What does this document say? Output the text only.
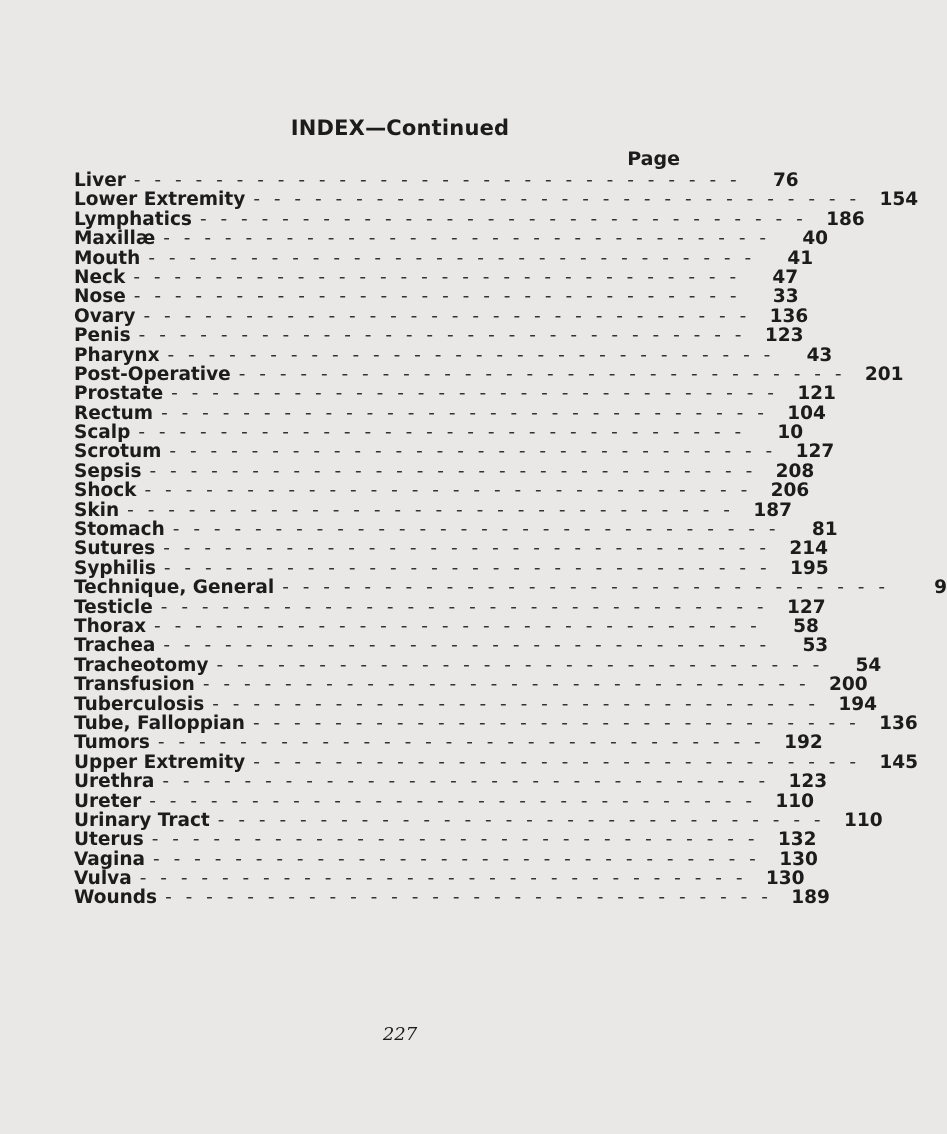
INDEX—Continued
Page
Liver - - - - - - - - - - - - - - - - - - - - - - - - - - - - - -	76
Lower Extremity - - - - - - - - - - - - - - - - - - - - - - - - - - - - - -	154
Lymphatics - - - - - - - - - - - - - - - - - - - - - - - - - - - - - -	186
Maxillæ - - - - - - - - - - - - - - - - - - - - - - - - - - - - - -	40
Mouth - - - - - - - - - - - - - - - - - - - - - - - - - - - - - -	41
Neck - - - - - - - - - - - - - - - - - - - - - - - - - - - - - -	47
Nose - - - - - - - - - - - - - - - - - - - - - - - - - - - - - -	33
Ovary - - - - - - - - - - - - - - - - - - - - - - - - - - - - - -	136
Penis - - - - - - - - - - - - - - - - - - - - - - - - - - - - - -	123
Pharynx - - - - - - - - - - - - - - - - - - - - - - - - - - - - - -	43
Post-Operative - - - - - - - - - - - - - - - - - - - - - - - - - - - - - -	201
Prostate - - - - - - - - - - - - - - - - - - - - - - - - - - - - - -	121
Rectum - - - - - - - - - - - - - - - - - - - - - - - - - - - - - -	104
Scalp - - - - - - - - - - - - - - - - - - - - - - - - - - - - - -	10
Scrotum - - - - - - - - - - - - - - - - - - - - - - - - - - - - - -	127
Sepsis - - - - - - - - - - - - - - - - - - - - - - - - - - - - - -	208
Shock - - - - - - - - - - - - - - - - - - - - - - - - - - - - - -	206
Skin - - - - - - - - - - - - - - - - - - - - - - - - - - - - - -	187
Stomach - - - - - - - - - - - - - - - - - - - - - - - - - - - - - -	81
Sutures - - - - - - - - - - - - - - - - - - - - - - - - - - - - - -	214
Syphilis - - - - - - - - - - - - - - - - - - - - - - - - - - - - - -	195
Technique, General - - - - - - - - - - - - - - - - - - - - - - - - - - - - - -	9
Testicle - - - - - - - - - - - - - - - - - - - - - - - - - - - - - -	127
Thorax - - - - - - - - - - - - - - - - - - - - - - - - - - - - - -	58
Trachea - - - - - - - - - - - - - - - - - - - - - - - - - - - - - -	53
Tracheotomy - - - - - - - - - - - - - - - - - - - - - - - - - - - - - -	54
Transfusion - - - - - - - - - - - - - - - - - - - - - - - - - - - - - -	200
Tuberculosis - - - - - - - - - - - - - - - - - - - - - - - - - - - - - -	194
Tube, Falloppian - - - - - - - - - - - - - - - - - - - - - - - - - - - - - -	136
Tumors - - - - - - - - - - - - - - - - - - - - - - - - - - - - - -	192
Upper Extremity - - - - - - - - - - - - - - - - - - - - - - - - - - - - - -	145
Urethra - - - - - - - - - - - - - - - - - - - - - - - - - - - - - -	123
Ureter - - - - - - - - - - - - - - - - - - - - - - - - - - - - - -	110
Urinary Tract - - - - - - - - - - - - - - - - - - - - - - - - - - - - - -	110
Uterus - - - - - - - - - - - - - - - - - - - - - - - - - - - - - -	132
Vagina - - - - - - - - - - - - - - - - - - - - - - - - - - - - - -	130
Vulva - - - - - - - - - - - - - - - - - - - - - - - - - - - - - -	130
Wounds - - - - - - - - - - - - - - - - - - - - - - - - - - - - - -	189
227
